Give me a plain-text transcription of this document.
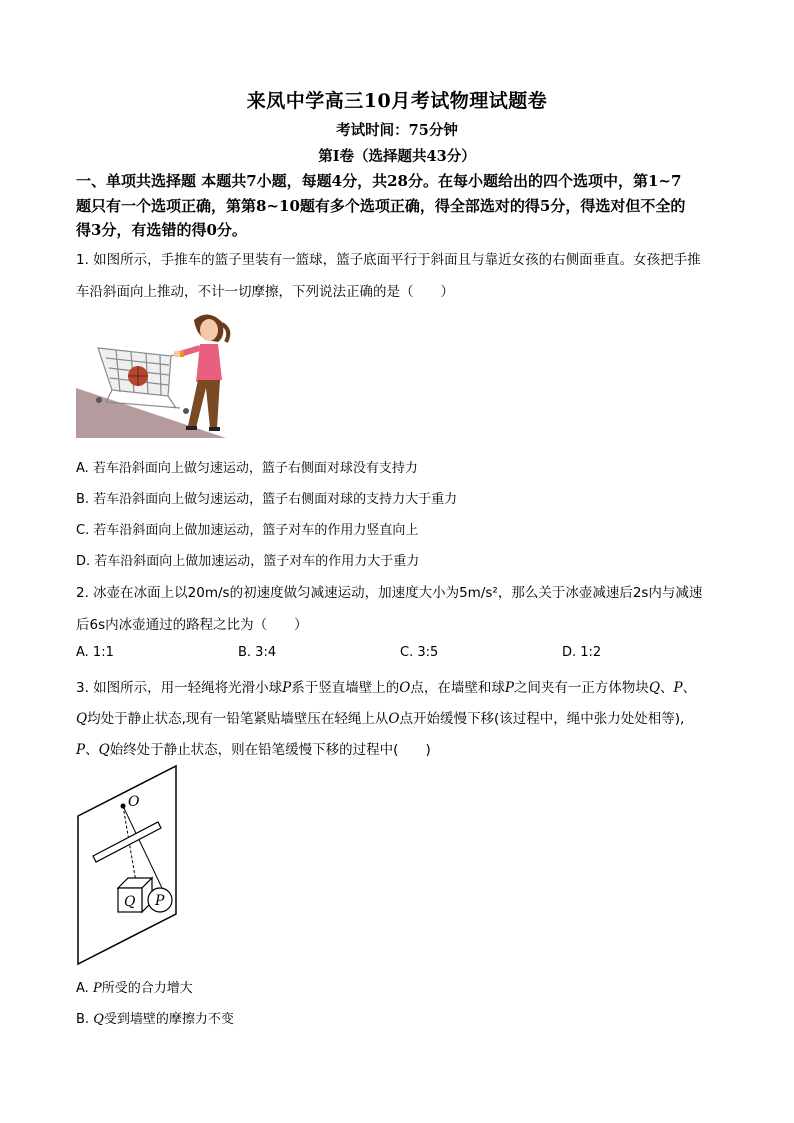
来凤中学高三10月考试物理试题卷
考试时间：75分钟
第I卷（选择题共43分）
一、单项共选择题 本题共7小题，每题4分，共28分。在每小题给出的四个选项中，第1~7
题只有一个选项正确，第第8~10题有多个选项正确，得全部选对的得5分，得选对但不全的
得3分，有选错的得0分。
1. 如图所示，手推车的篮子里装有一篮球，篮子底面平行于斜面且与靠近女孩的右侧面垂直。女孩把手推
车沿斜面向上推动，不计一切摩擦，下列说法正确的是（　　）
A. 若车沿斜面向上做匀速运动，篮子右侧面对球没有支持力
B. 若车沿斜面向上做匀速运动，篮子右侧面对球的支持力大于重力
C. 若车沿斜面向上做加速运动，篮子对车的作用力竖直向上
D. 若车沿斜面向上做加速运动，篮子对车的作用力大于重力
2. 冰壶在冰面上以20m/s的初速度做匀减速运动，加速度大小为5m/s²，那么关于冰壶减速后2s内与减速
后6s内冰壶通过的路程之比为（　　）
A. 1:1	B. 3:4	C. 3:5	D. 1:2
3. 如图所示，用一轻绳将光滑小球P系于竖直墙壁上的O点，在墙壁和球P之间夹有一正方体物块Q、P、
Q均处于静止状态,现有一铅笔紧贴墙壁压在轻绳上从O点开始缓慢下移(该过程中，绳中张力处处相等),
P、Q始终处于静止状态，则在铅笔缓慢下移的过程中(　　)
O
Q P
A. P所受的合力增大
B. Q受到墙壁的摩擦力不变
